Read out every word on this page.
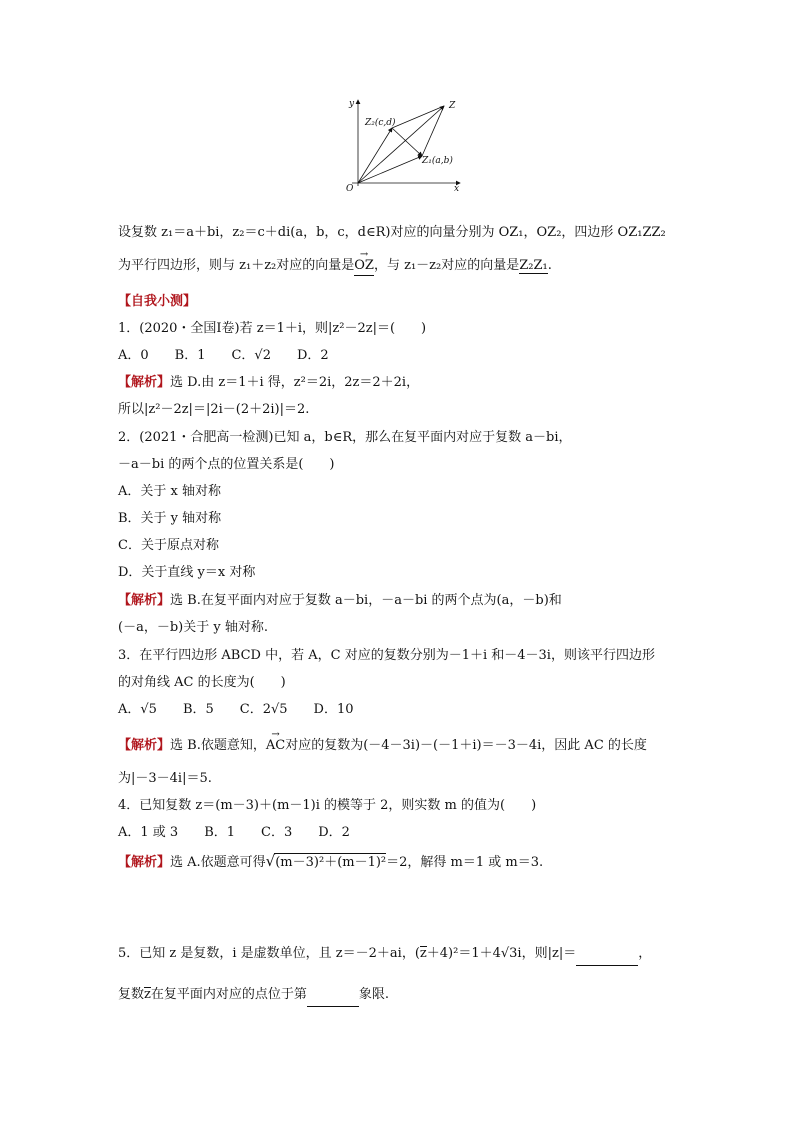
y
x
O
Z
Z₂(c,d)
Z₁(a,b)
设复数 z₁＝a＋bi，z₂＝c＋di(a，b，c，d∈R)对应的向量分别为 OZ₁，OZ₂，四边形 OZ₁ZZ₂
为平行四边形，则与 z₁＋z₂对应的向量是→ OZ，与 z₁－z₂对应的向量是Z₂Z₁.
【自我小测】
1．(2020・全国Ⅰ卷)若 z＝1＋i，则|z²－2z|＝(　　)
A．0　　B．1　　C．√2　　D．2
【解析】选 D.由 z＝1＋i 得，z²＝2i，2z＝2＋2i，
所以|z²－2z|＝|2i－(2＋2i)|＝2.
2．(2021・合肥高一检测)已知 a，b∈R，那么在复平面内对应于复数 a－bi，
－a－bi 的两个点的位置关系是(　　)
A．关于 x 轴对称
B．关于 y 轴对称
C．关于原点对称
D．关于直线 y＝x 对称
【解析】选 B.在复平面内对应于复数 a－bi，－a－bi 的两个点为(a，－b)和
(－a，－b)关于 y 轴对称.
3．在平行四边形 ABCD 中，若 A，C 对应的复数分别为－1＋i 和－4－3i，则该平行四边形
的对角线 AC 的长度为(　　)
A．√5　　B．5　　C．2√5　　D．10
【解析】选 B.依题意知，→ AC对应的复数为(－4－3i)－(－1＋i)＝－3－4i，因此 AC 的长度
为|－3－4i|＝5.
4．已知复数 z＝(m－3)＋(m－1)i 的模等于 2，则实数 m 的值为(　　)
A．1 或 3　　B．1　　C．3　　D．2
【解析】选 A.依题意可得√(m－3)²＋(m－1)²＝2，解得 m＝1 或 m＝3.
5．已知 z 是复数，i 是虚数单位，且 z＝－2＋ai，(z＋4)²＝1＋4√3i，则|z|＝	，
复数z在复平面内对应的点位于第	象限.
